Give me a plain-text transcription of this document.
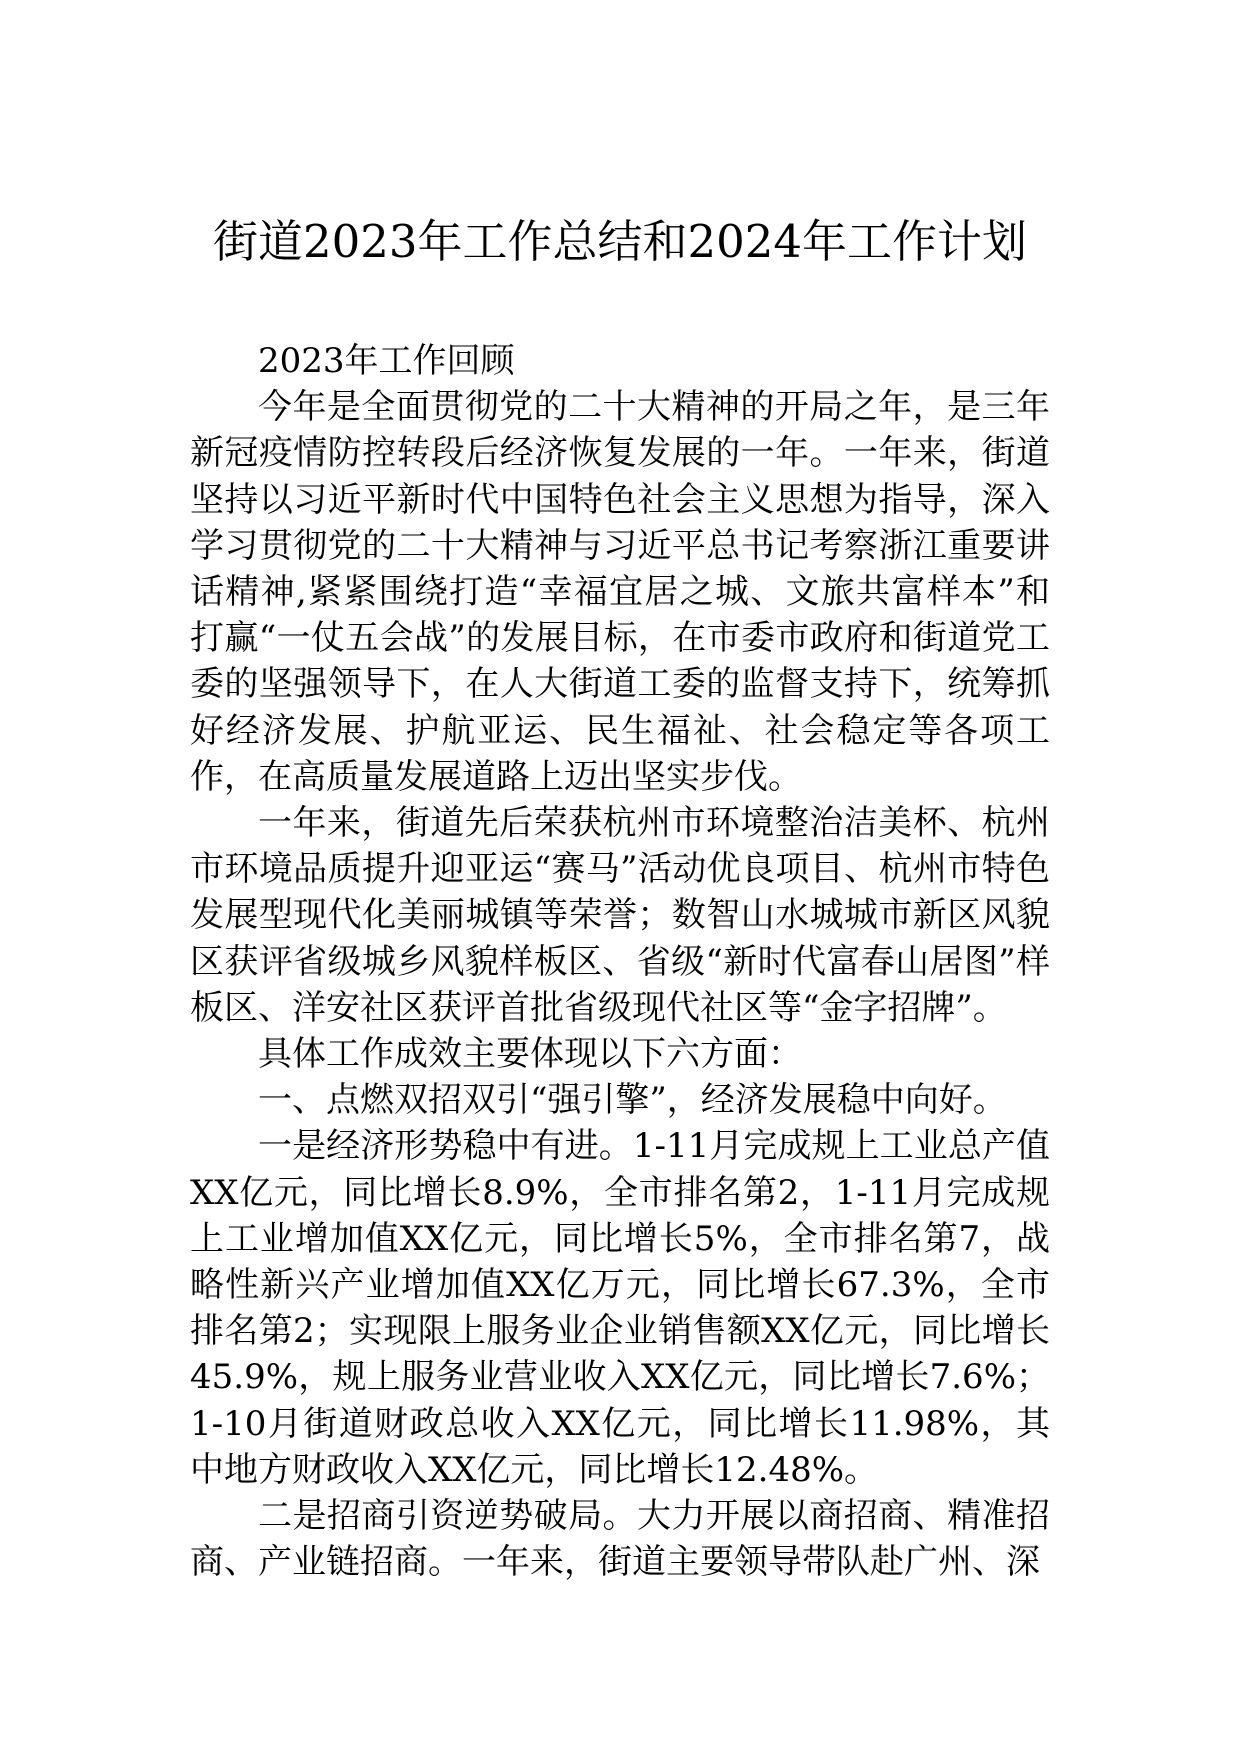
街道2023年工作总结和2024年工作计划

2023年工作回顾

今年是全面贯彻党的二十大精神的开局之年，是三年新冠疫情防控转段后经济恢复发展的一年。一年来，街道坚持以习近平新时代中国特色社会主义思想为指导，深入学习贯彻党的二十大精神与习近平总书记考察浙江重要讲话精神,紧紧围绕打造“幸福宜居之城、文旅共富样本”和打赢“一仗五会战”的发展目标，在市委市政府和街道党工委的坚强领导下，在人大街道工委的监督支持下，统筹抓好经济发展、护航亚运、民生福祉、社会稳定等各项工作，在高质量发展道路上迈出坚实步伐。

一年来，街道先后荣获杭州市环境整治洁美杯、杭州市环境品质提升迎亚运“赛马”活动优良项目、杭州市特色发展型现代化美丽城镇等荣誉；数智山水城城市新区风貌区获评省级城乡风貌样板区、省级“新时代富春山居图”样板区、洋安社区获评首批省级现代社区等“金字招牌”。

具体工作成效主要体现以下六方面：

一、点燃双招双引“强引擎”，经济发展稳中向好。

一是经济形势稳中有进。1-11月完成规上工业总产值XX亿元，同比增长8.9%，全市排名第2，1-11月完成规上工业增加值XX亿元，同比增长5%，全市排名第7，战略性新兴产业增加值XX亿万元，同比增长67.3%，全市排名第2；实现限上服务业企业销售额XX亿元，同比增长45.9%，规上服务业营业收入XX亿元，同比增长7.6%；1-10月街道财政总收入XX亿元，同比增长11.98%，其中地方财政收入XX亿元，同比增长12.48%。

二是招商引资逆势破局。大力开展以商招商、精准招商、产业链招商。一年来，街道主要领导带队赴广州、深
